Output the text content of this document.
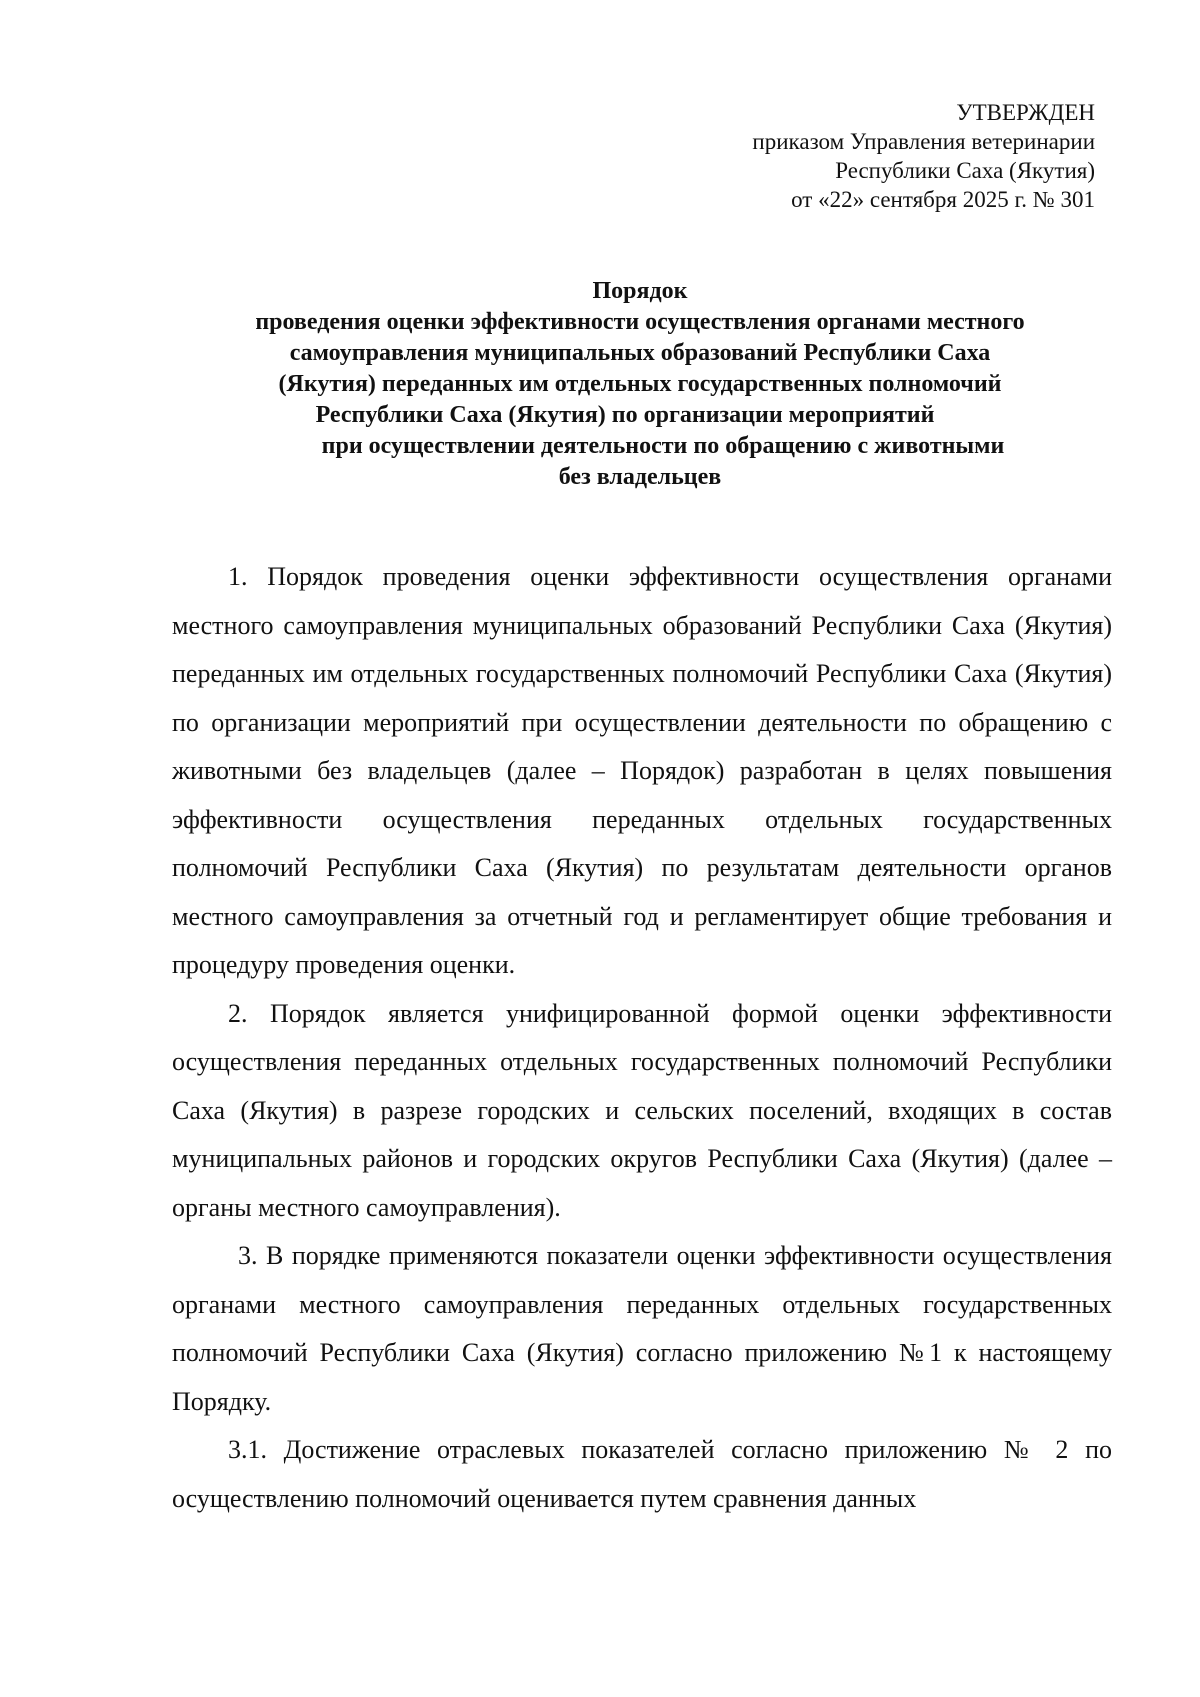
УТВЕРЖДЕН
приказом Управления ветеринарии
Республики Саха (Якутия)
от «22» сентября 2025 г. № 301
Порядок
проведения оценки эффективности осуществления органами местного
самоуправления муниципальных образований Республики Саха
(Якутия) переданных им отдельных государственных полномочий
Республики Саха (Якутия) по организации мероприятий
при осуществлении деятельности по обращению с животными
без владельцев

1. Порядок проведения оценки эффективности осуществления органами местного самоуправления муниципальных образований Республики Саха (Якутия) переданных им отдельных государственных полномочий Республики Саха (Якутия) по организации мероприятий при осуществлении деятельности по обращению с животными без владельцев (далее – Порядок) разработан в целях повышения эффективности осуществления переданных отдельных государственных полномочий Республики Саха (Якутия) по результатам деятельности органов местного самоуправления за отчетный год и регламентирует общие требования и процедуру проведения оценки.

2. Порядок является унифицированной формой оценки эффективности осуществления переданных отдельных государственных полномочий Республики Саха (Якутия) в разрезе городских и сельских поселений, входящих в состав муниципальных районов и городских округов Республики Саха (Якутия) (далее – органы местного самоуправления).

3. В порядке применяются показатели оценки эффективности осуществления органами местного самоуправления переданных отдельных государственных полномочий Республики Саха (Якутия) согласно приложению №1 к настоящему Порядку.

3.1. Достижение отраслевых показателей согласно приложению № 2 по осуществлению полномочий оценивается путем сравнения данных
